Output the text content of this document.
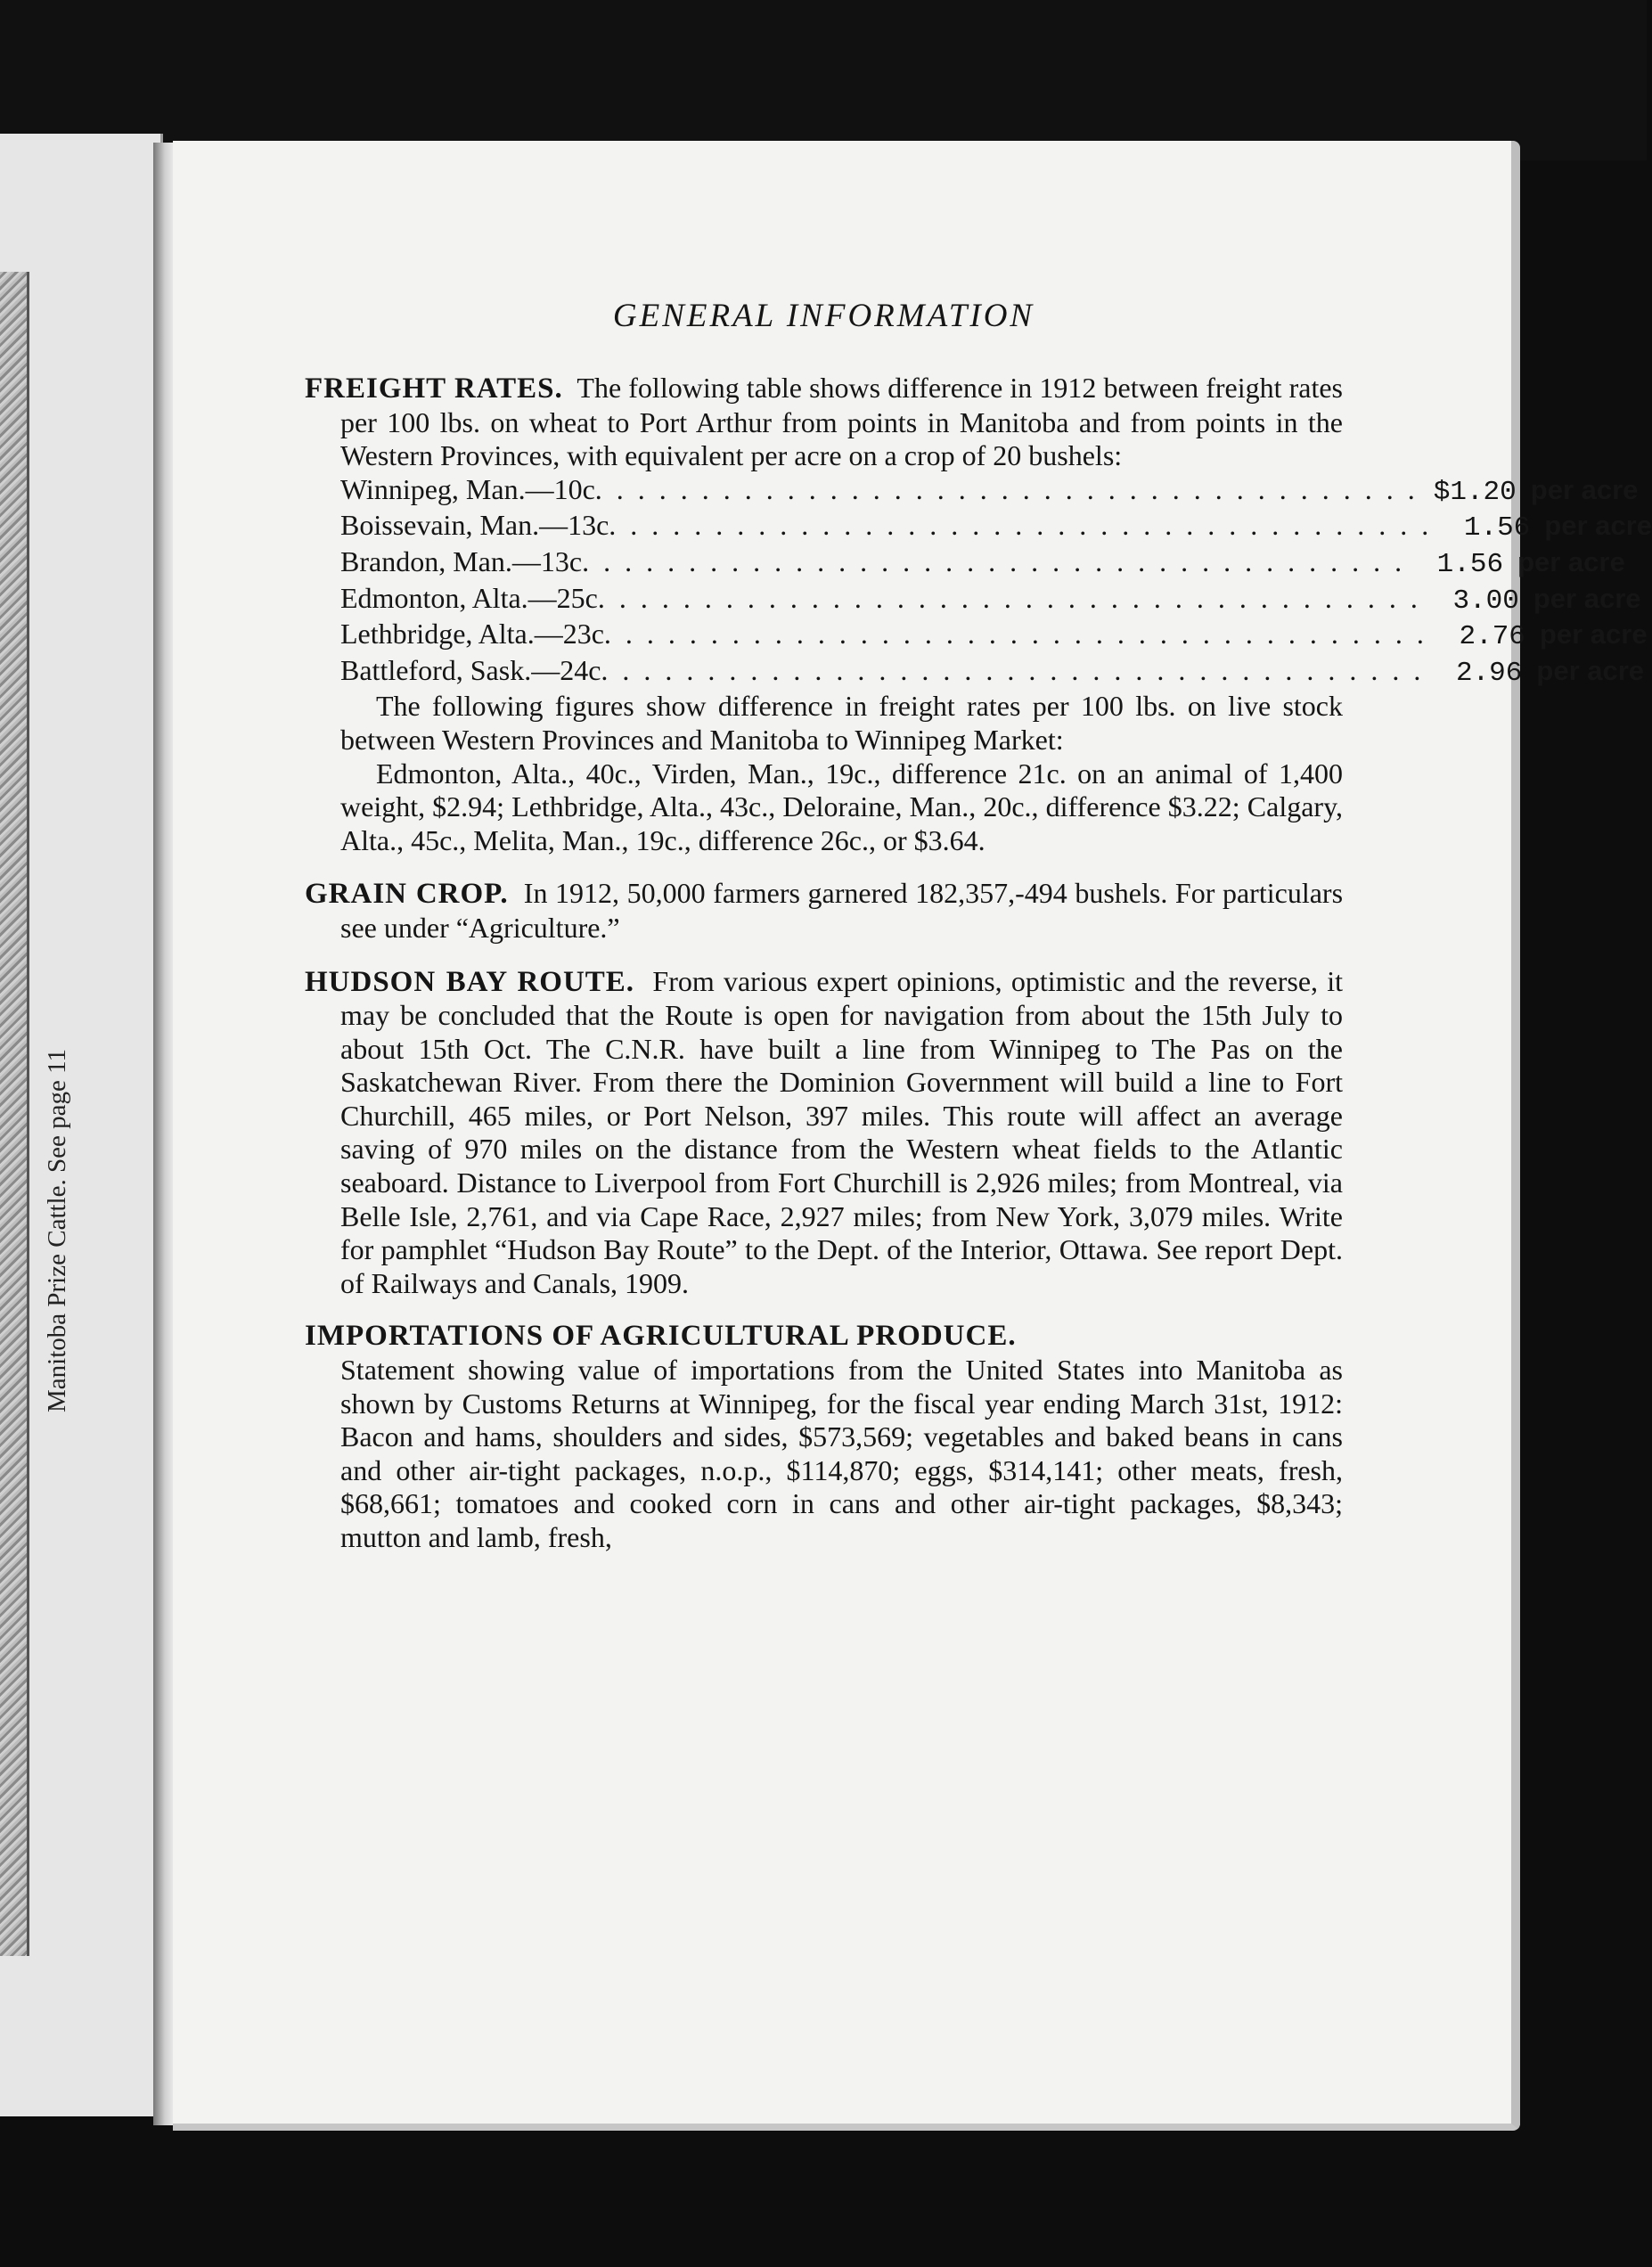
Manitoba Prize Cattle. See page 11
GENERAL INFORMATION

FREIGHT RATES. The following table shows difference in 1912 between freight rates per 100 lbs. on wheat to Port Arthur from points in Manitoba and from points in the Western Provinces, with equivalent per acre on a crop of 20 bushels:

Winnipeg, Man.—10c . . . . . . . . . . . . . . . . . . . . . . . . . . . . . . . . . . . . . . . $1.20 per acre
Boissevain, Man.—13c . . . . . . . . . . . . . . . . . . . . . . . . . . . . . . . . . . . . . . .	1.56 per acre
Brandon, Man.—13c . . . . . . . . . . . . . . . . . . . . . . . . . . . . . . . . . . . . . . .	1.56 per acre
Edmonton, Alta.—25c . . . . . . . . . . . . . . . . . . . . . . . . . . . . . . . . . . . . . . .	3.00 per acre
Lethbridge, Alta.—23c . . . . . . . . . . . . . . . . . . . . . . . . . . . . . . . . . . . . . . .	2.76 per acre
Battleford, Sask.—24c . . . . . . . . . . . . . . . . . . . . . . . . . . . . . . . . . . . . . . .	2.96 per acre

The following figures show difference in freight rates per 100 lbs. on live stock between Western Provinces and Manitoba to Winnipeg Market:

Edmonton, Alta., 40c., Virden, Man., 19c., difference 21c. on an animal of 1,400 weight, $2.94; Lethbridge, Alta., 43c., Deloraine, Man., 20c., difference $3.22; Calgary, Alta., 45c., Melita, Man., 19c., difference 26c., or $3.64.

GRAIN CROP. In 1912, 50,000 farmers garnered 182,357,-494 bushels. For particulars see under “Agriculture.”

HUDSON BAY ROUTE. From various expert opinions, optimistic and the reverse, it may be concluded that the Route is open for navigation from about the 15th July to about 15th Oct. The C.N.R. have built a line from Winnipeg to The Pas on the Saskatchewan River. From there the Dominion Government will build a line to Fort Churchill, 465 miles, or Port Nelson, 397 miles. This route will affect an average saving of 970 miles on the distance from the Western wheat fields to the Atlantic seaboard. Distance to Liverpool from Fort Churchill is 2,926 miles; from Montreal, via Belle Isle, 2,761, and via Cape Race, 2,927 miles; from New York, 3,079 miles. Write for pamphlet “Hudson Bay Route” to the Dept. of the Interior, Ottawa. See report Dept. of Railways and Canals, 1909.

IMPORTATIONS OF AGRICULTURAL PRODUCE.

Statement showing value of importations from the United States into Manitoba as shown by Customs Returns at Winnipeg, for the fiscal year ending March 31st, 1912: Bacon and hams, shoulders and sides, $573,569; vegetables and baked beans in cans and other air-tight packages, n.o.p., $114,870; eggs, $314,141; other meats, fresh, $68,661; tomatoes and cooked corn in cans and other air-tight packages, $8,343; mutton and lamb, fresh,
